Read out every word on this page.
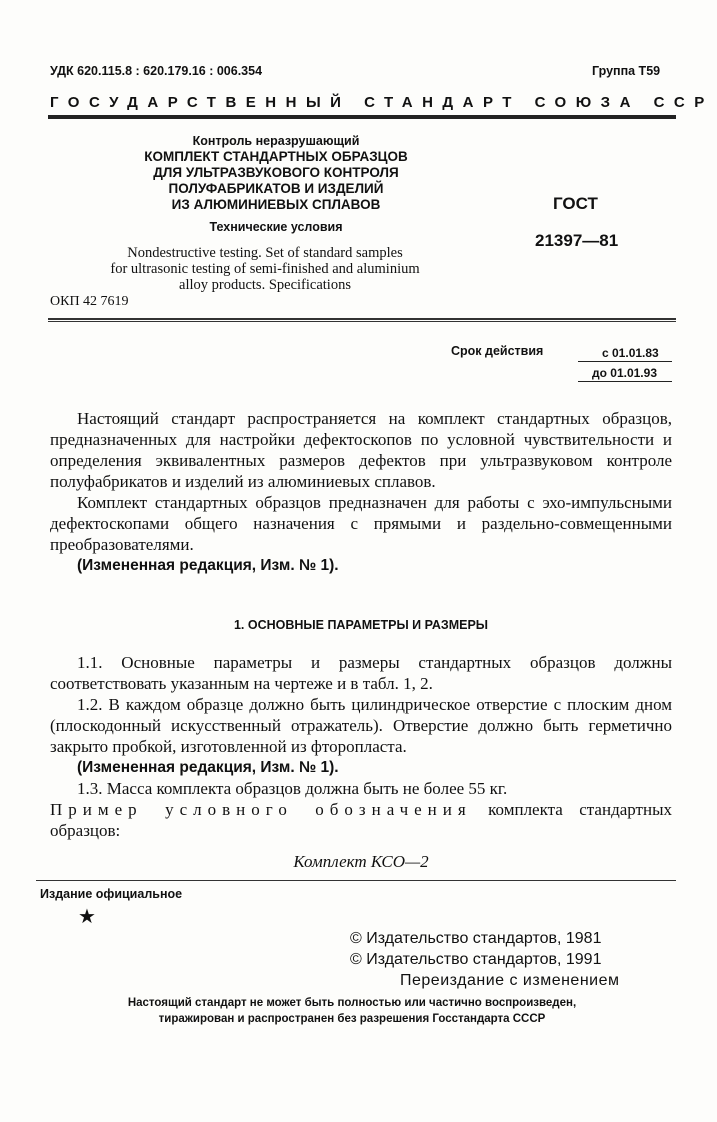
УДК 620.115.8 : 620.179.16 : 006.354	Группа Т59
ГОСУДАРСТВЕННЫЙ СТАНДАРТ СОЮЗА ССР
Контроль неразрушающий
КОМПЛЕКТ СТАНДАРТНЫХ ОБРАЗЦОВ
ДЛЯ УЛЬТРАЗВУКОВОГО КОНТРОЛЯ
ПОЛУФАБРИКАТОВ И ИЗДЕЛИЙ
ИЗ АЛЮМИНИЕВЫХ СПЛАВОВ
Технические условия
ГОСТ
21397—81
Nondestructive testing. Set of standard samples
for ultrasonic testing of semi-finished and aluminium
alloy products. Specifications
ОКП 42 7619
Срок действия	с 01.01.83
до 01.01.93

Настоящий стандарт распространяется на комплект стандартных образцов, предназначенных для настройки дефектоскопов по условной чувствительности и определения эквивалентных размеров дефектов при ультразвуковом контроле полуфабрикатов и изделий из алюминиевых сплавов.

Комплект стандартных образцов предназначен для работы с эхо-импульсными дефектоскопами общего назначения с прямыми и раздельно-совмещенными преобразователями.

(Измененная редакция, Изм. № 1).

1. ОСНОВНЫЕ ПАРАМЕТРЫ И РАЗМЕРЫ

1.1. Основные параметры и размеры стандартных образцов должны соответствовать указанным на чертеже и в табл. 1, 2.

1.2. В каждом образце должно быть цилиндрическое отверстие с плоским дном (плоскодонный искусственный отражатель). Отверстие должно быть герметично закрыто пробкой, изготовленной из фторопласта.

(Измененная редакция, Изм. № 1).

1.3. Масса комплекта образцов должна быть не более 55 кг.

Пример условного обозначения комплекта стандартных образцов:

Комплект КСО—2
Издание официальное
★
© Издательство стандартов, 1981
© Издательство стандартов, 1991
Переиздание с изменением
Настоящий стандарт не может быть полностью или частично воспроизведен,
тиражирован и распространен без разрешения Госстандарта СССР
